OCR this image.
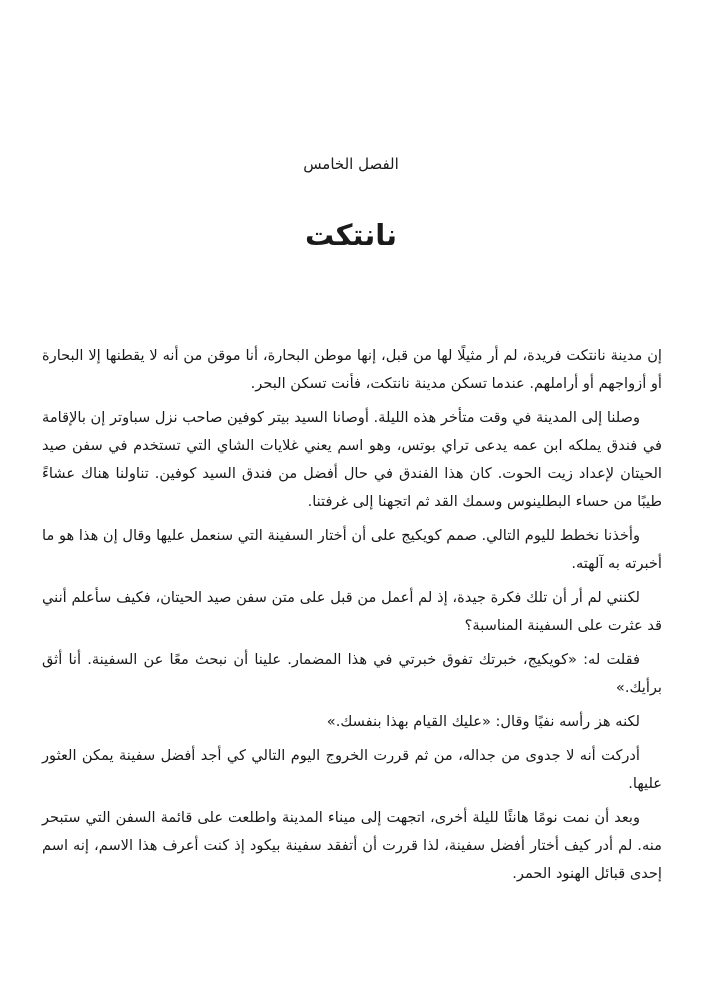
الفصل الخامس
نانتكت

إن مدينة نانتكت فريدة، لم أر مثيلًا لها من قبل، إنها موطن البحارة، أنا موقن من أنه لا يقطنها إلا البحارة أو أزواجهم أو أراملهم. عندما تسكن مدينة نانتكت، فأنت تسكن البحر.

وصلنا إلى المدينة في وقت متأخر هذه الليلة. أوصانا السيد بيتر كوفين صاحب نزل سباوتر إن بالإقامة في فندق يملكه ابن عمه يدعى تراي بوتس، وهو اسم يعني غلايات الشاي التي تستخدم في سفن صيد الحيتان لإعداد زيت الحوت. كان هذا الفندق في حال أفضل من فندق السيد كوفين. تناولنا هناك عشاءً طيبًا من حساء البطلينوس وسمك القد ثم اتجهنا إلى غرفتنا.

وأخذنا نخطط لليوم التالي. صمم كويكيج على أن أختار السفينة التي سنعمل عليها وقال إن هذا هو ما أخبرته به آلهته.

لكنني لم أر أن تلك فكرة جيدة، إذ لم أعمل من قبل على متن سفن صيد الحيتان، فكيف سأعلم أنني قد عثرت على السفينة المناسبة؟

فقلت له: «كويكيج، خبرتك تفوق خبرتي في هذا المضمار. علينا أن نبحث معًا عن السفينة. أنا أثق برأيك.»

لكنه هز رأسه نفيًا وقال: «عليك القيام بهذا بنفسك.»

أدركت أنه لا جدوى من جداله، من ثم قررت الخروج اليوم التالي كي أجد أفضل سفينة يمكن العثور عليها.

وبعد أن نمت نومًا هانئًا لليلة أخرى، اتجهت إلى ميناء المدينة واطلعت على قائمة السفن التي ستبحر منه. لم أدر كيف أختار أفضل سفينة، لذا قررت أن أتفقد سفينة بيكود إذ كنت أعرف هذا الاسم، إنه اسم إحدى قبائل الهنود الحمر.
